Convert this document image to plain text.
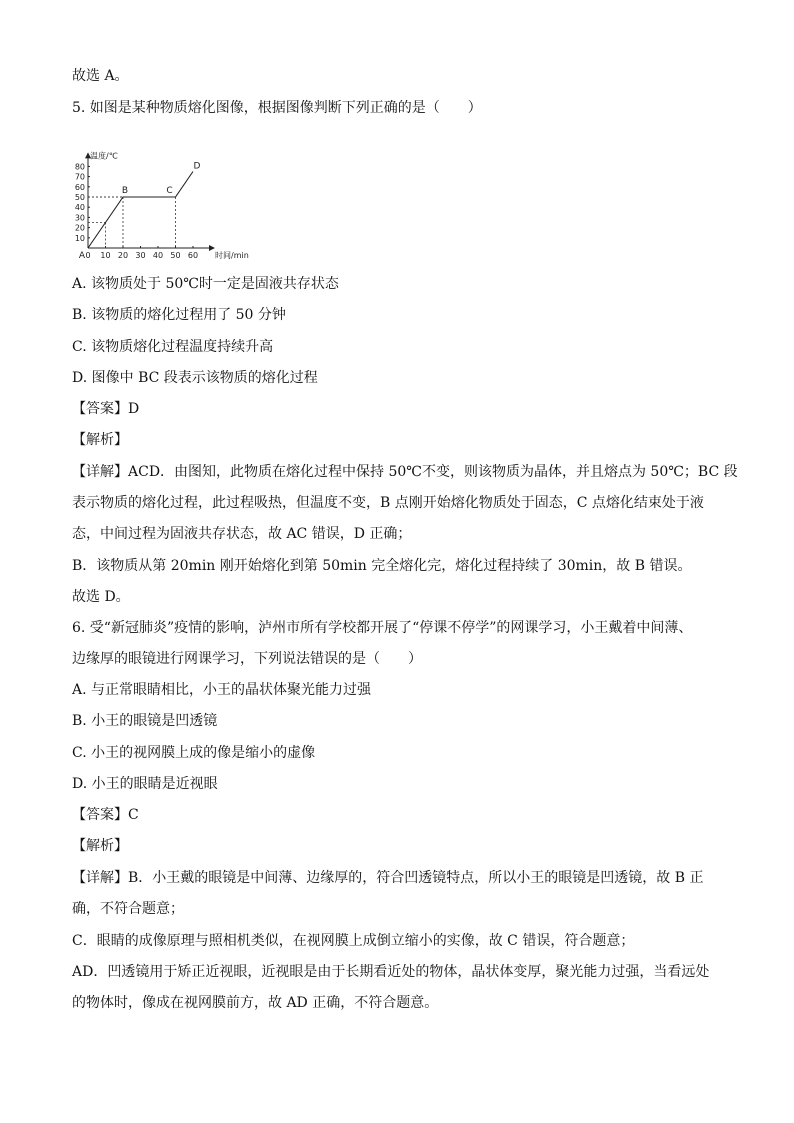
故选 A。
5. 如图是某种物质熔化图像，根据图像判断下列正确的是（　　）
0 10 20 30 40 50 60
10
20
30
40
50
60
70
80
温度/℃
时间/min
A
B	C
D
A. 该物质处于 50℃时一定是固液共存状态
B. 该物质的熔化过程用了 50 分钟
C. 该物质熔化过程温度持续升高
D. 图像中 BC 段表示该物质的熔化过程
【答案】D
【解析】
【详解】ACD．由图知，此物质在熔化过程中保持 50℃不变，则该物质为晶体，并且熔点为 50℃；BC 段
表示物质的熔化过程，此过程吸热，但温度不变，B 点刚开始熔化物质处于固态，C 点熔化结束处于液
态，中间过程为固液共存状态，故 AC 错误，D 正确；
B．该物质从第 20min 刚开始熔化到第 50min 完全熔化完，熔化过程持续了 30min，故 B 错误。
故选 D。
6. 受“新冠肺炎”疫情的影响，泸州市所有学校都开展了“停课不停学”的网课学习，小王戴着中间薄、
边缘厚的眼镜进行网课学习，下列说法错误的是（　　）
A. 与正常眼睛相比，小王的晶状体聚光能力过强
B. 小王的眼镜是凹透镜
C. 小王的视网膜上成的像是缩小的虚像
D. 小王的眼睛是近视眼
【答案】C
【解析】
【详解】B．小王戴的眼镜是中间薄、边缘厚的，符合凹透镜特点，所以小王的眼镜是凹透镜，故 B 正
确，不符合题意；
C．眼睛的成像原理与照相机类似，在视网膜上成倒立缩小的实像，故 C 错误，符合题意；
AD．凹透镜用于矫正近视眼，近视眼是由于长期看近处的物体，晶状体变厚，聚光能力过强，当看远处
的物体时，像成在视网膜前方，故 AD 正确，不符合题意。
